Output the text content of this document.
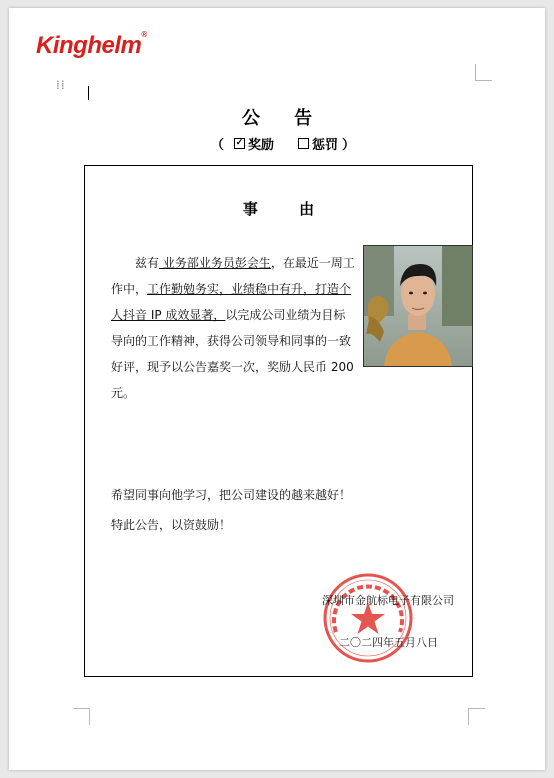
Kinghelm®
⁞⁞
公 告
（ ✓ 奖励	惩罚 ）
事 由
兹有 业务部业务员彭会生，在最近一周工作中，工作勤勉务实，业绩稳中有升，打造个人抖音 IP 成效显著，以完成公司业绩为目标导向的工作精神，获得公司领导和同事的一致好评，现予以公告嘉奖一次，奖励人民币 200元。
希望同事向他学习，把公司建设的越来越好！
特此公告，以资鼓励！
深圳市金航标电子有限公司
二〇二四年五月八日
